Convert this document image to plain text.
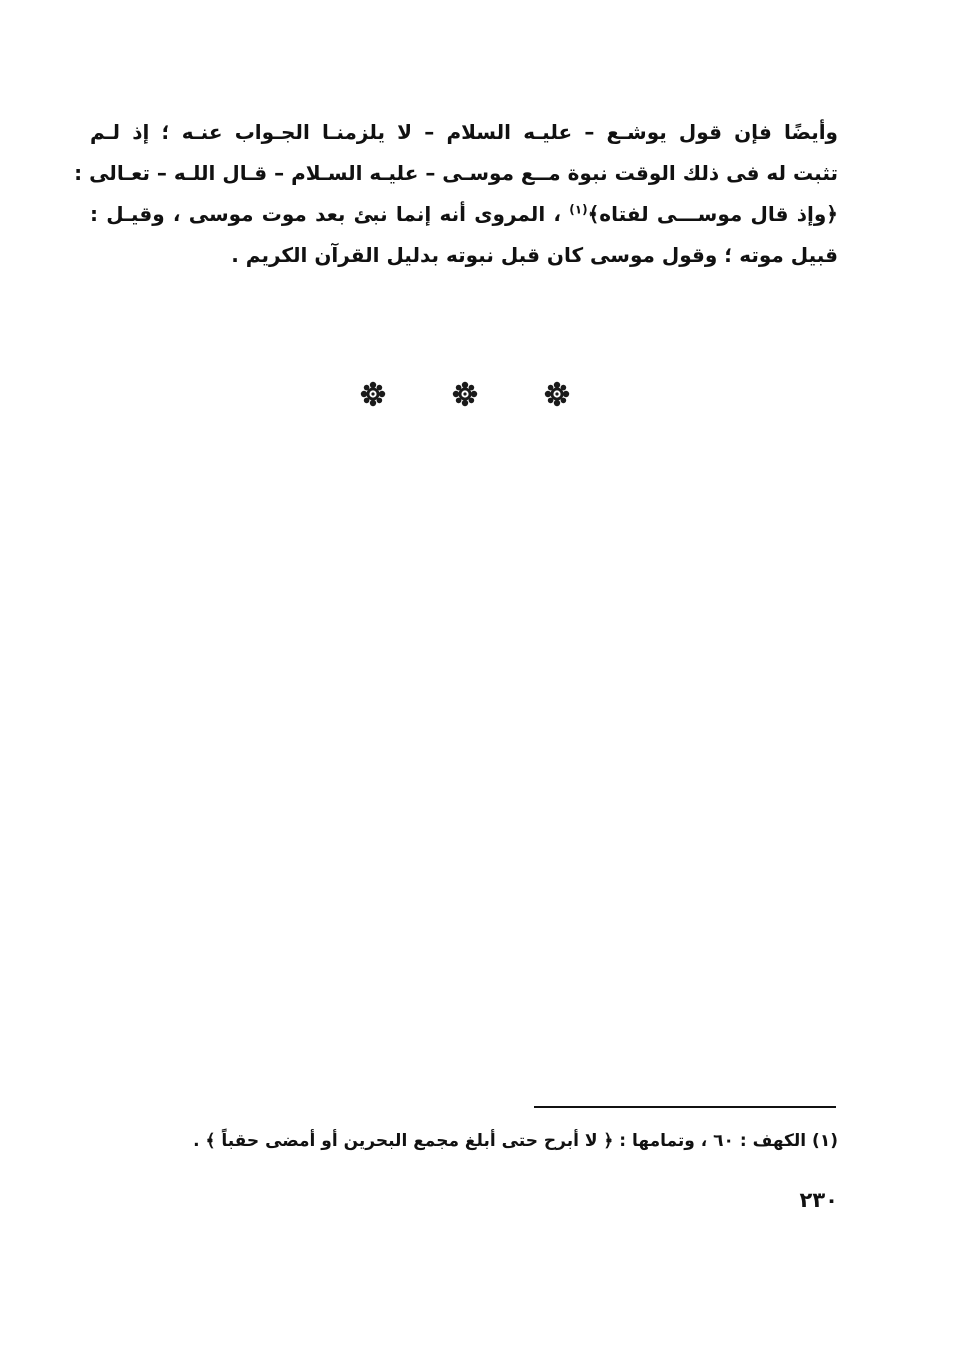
وأيضًا فإن قول يوشـع – عليـه السلام – لا يلزمنـا الجـواب عنـه ؛ إذ لـم
تثبت له فى ذلك الوقت نبوة مــع موسـى – عليـه السـلام – قـال اللـه – تعـالى :
﴿وإذ قال موســـى لفتاه﴾$^{(١)}$ ، المروى أنه إنما نبئ بعد موت موسى ، وقيـل :
قبيل موته ؛ وقول موسى كان قبل نبوته بدليل القرآن الكريم .

(١) الكهف : ٦٠ ، وتمامها : ﴿ لا أبرح حتى أبلغ مجمع البحرين أو أمضى حقباً ﴾ .

٢٣٠
